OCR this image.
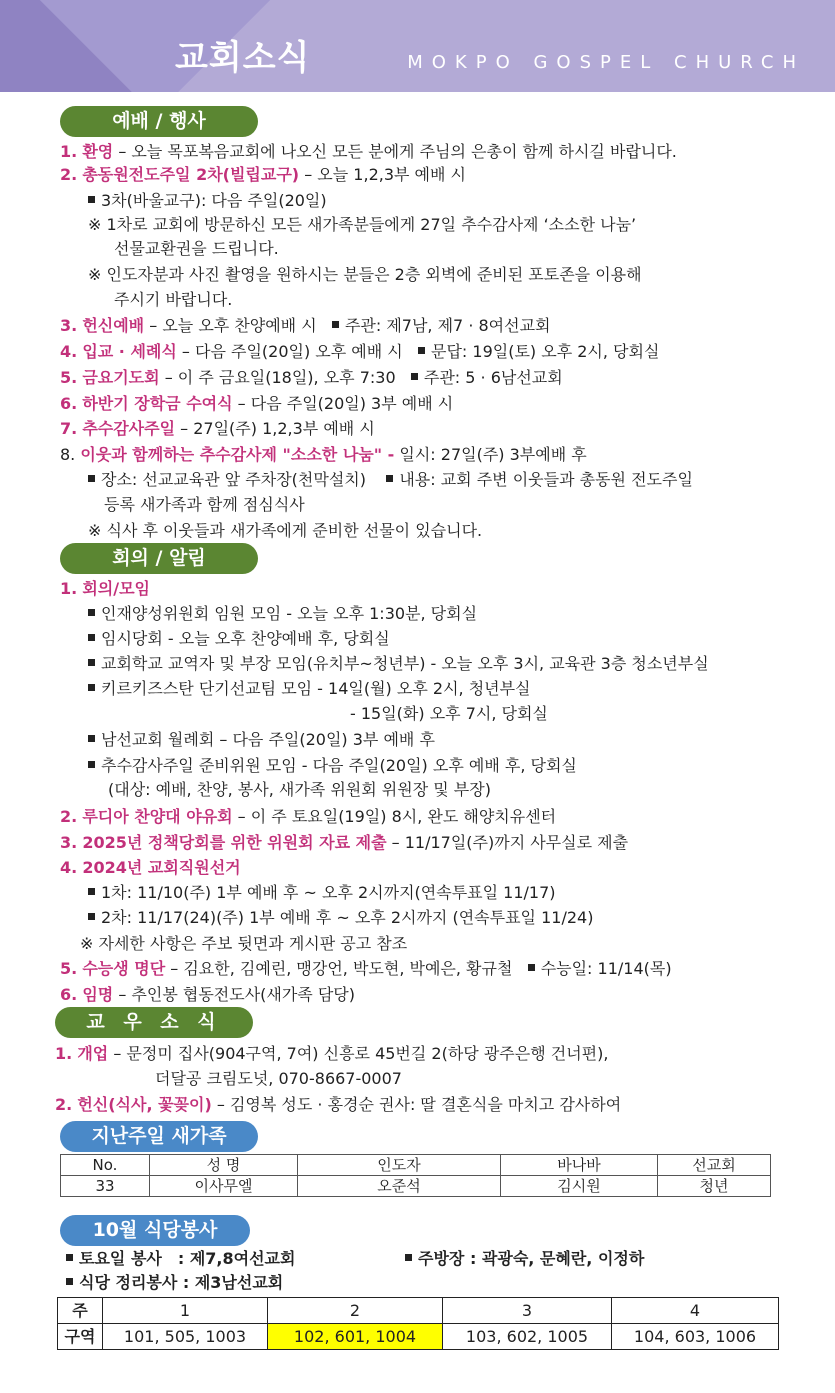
교회소식	MOKPO GOSPEL CHURCH
예배 / 행사
1. 환영 – 오늘 목포복음교회에 나오신 모든 분에게 주님의 은총이 함께 하시길 바랍니다.
2. 총동원전도주일 2차(빌립교구) – 오늘 1,2,3부 예배 시
3차(바울교구): 다음 주일(20일)
※ 1차로 교회에 방문하신 모든 새가족분들에게 27일 추수감사제 ‘소소한 나눔’
선물교환권을 드립니다.
※ 인도자분과 사진 촬영을 원하시는 분들은 2층 외벽에 준비된 포토존을 이용해
주시기 바랍니다.
3. 헌신예배 – 오늘 오후 찬양예배 시 주관: 제7남, 제7 · 8여선교회
4. 입교 · 세례식 – 다음 주일(20일) 오후 예배 시 문답: 19일(토) 오후 2시, 당회실
5. 금요기도회 – 이 주 금요일(18일), 오후 7:30 주관: 5 · 6남선교회
6. 하반기 장학금 수여식 – 다음 주일(20일) 3부 예배 시
7. 추수감사주일 – 27일(주) 1,2,3부 예배 시
8. 이웃과 함께하는 추수감사제 "소소한 나눔" - 일시: 27일(주) 3부예배 후
장소: 선교교육관 앞 주차장(천막설치) 내용: 교회 주변 이웃들과 총동원 전도주일
등록 새가족과 함께 점심식사
※ 식사 후 이웃들과 새가족에게 준비한 선물이 있습니다.
회의 / 알림
1. 회의/모임
인재양성위원회 임원 모임 - 오늘 오후 1:30분, 당회실
임시당회 - 오늘 오후 찬양예배 후, 당회실
교회학교 교역자 및 부장 모임(유치부~청년부) - 오늘 오후 3시, 교육관 3층 청소년부실
키르키즈스탄 단기선교팀 모임 - 14일(월) 오후 2시, 청년부실
- 15일(화) 오후 7시, 당회실
남선교회 월례회 – 다음 주일(20일) 3부 예배 후
추수감사주일 준비위원 모임 - 다음 주일(20일) 오후 예배 후, 당회실
(대상: 예배, 찬양, 봉사, 새가족 위원회 위원장 및 부장)
2. 루디아 찬양대 야유회 – 이 주 토요일(19일) 8시, 완도 해양치유센터
3. 2025년 정책당회를 위한 위원회 자료 제출 – 11/17일(주)까지 사무실로 제출
4. 2024년 교회직원선거
1차: 11/10(주) 1부 예배 후 ~ 오후 2시까지(연속투표일 11/17)
2차: 11/17(24)(주) 1부 예배 후 ~ 오후 2시까지 (연속투표일 11/24)
※ 자세한 사항은 주보 뒷면과 게시판 공고 참조
5. 수능생 명단 – 김요한, 김예린, 맹강언, 박도현, 박예은, 황규철 수능일: 11/14(목)
6. 임명 – 추인봉 협동전도사(새가족 담당)
교 우 소 식
1. 개업 – 문정미 집사(904구역, 7여) 신흥로 45번길 2(하당 광주은행 건너편),
더달공 크림도넛, 070-8667-0007
2. 헌신(식사, 꽃꽂이) – 김영복 성도 · 홍경순 권사: 딸 결혼식을 마치고 감사하여
지난주일 새가족
No.	성 명	인도자	바나바	선교회
33	이사무엘	오준석	김시원	청년
10월 식당봉사
토요일 봉사　: 제7,8여선교회	주방장 : 곽광숙, 문혜란, 이정하
식당 정리봉사 : 제3남선교회
주	1	2	3	4
구역	101, 505, 1003	102, 601, 1004	103, 602, 1005	104, 603, 1006
